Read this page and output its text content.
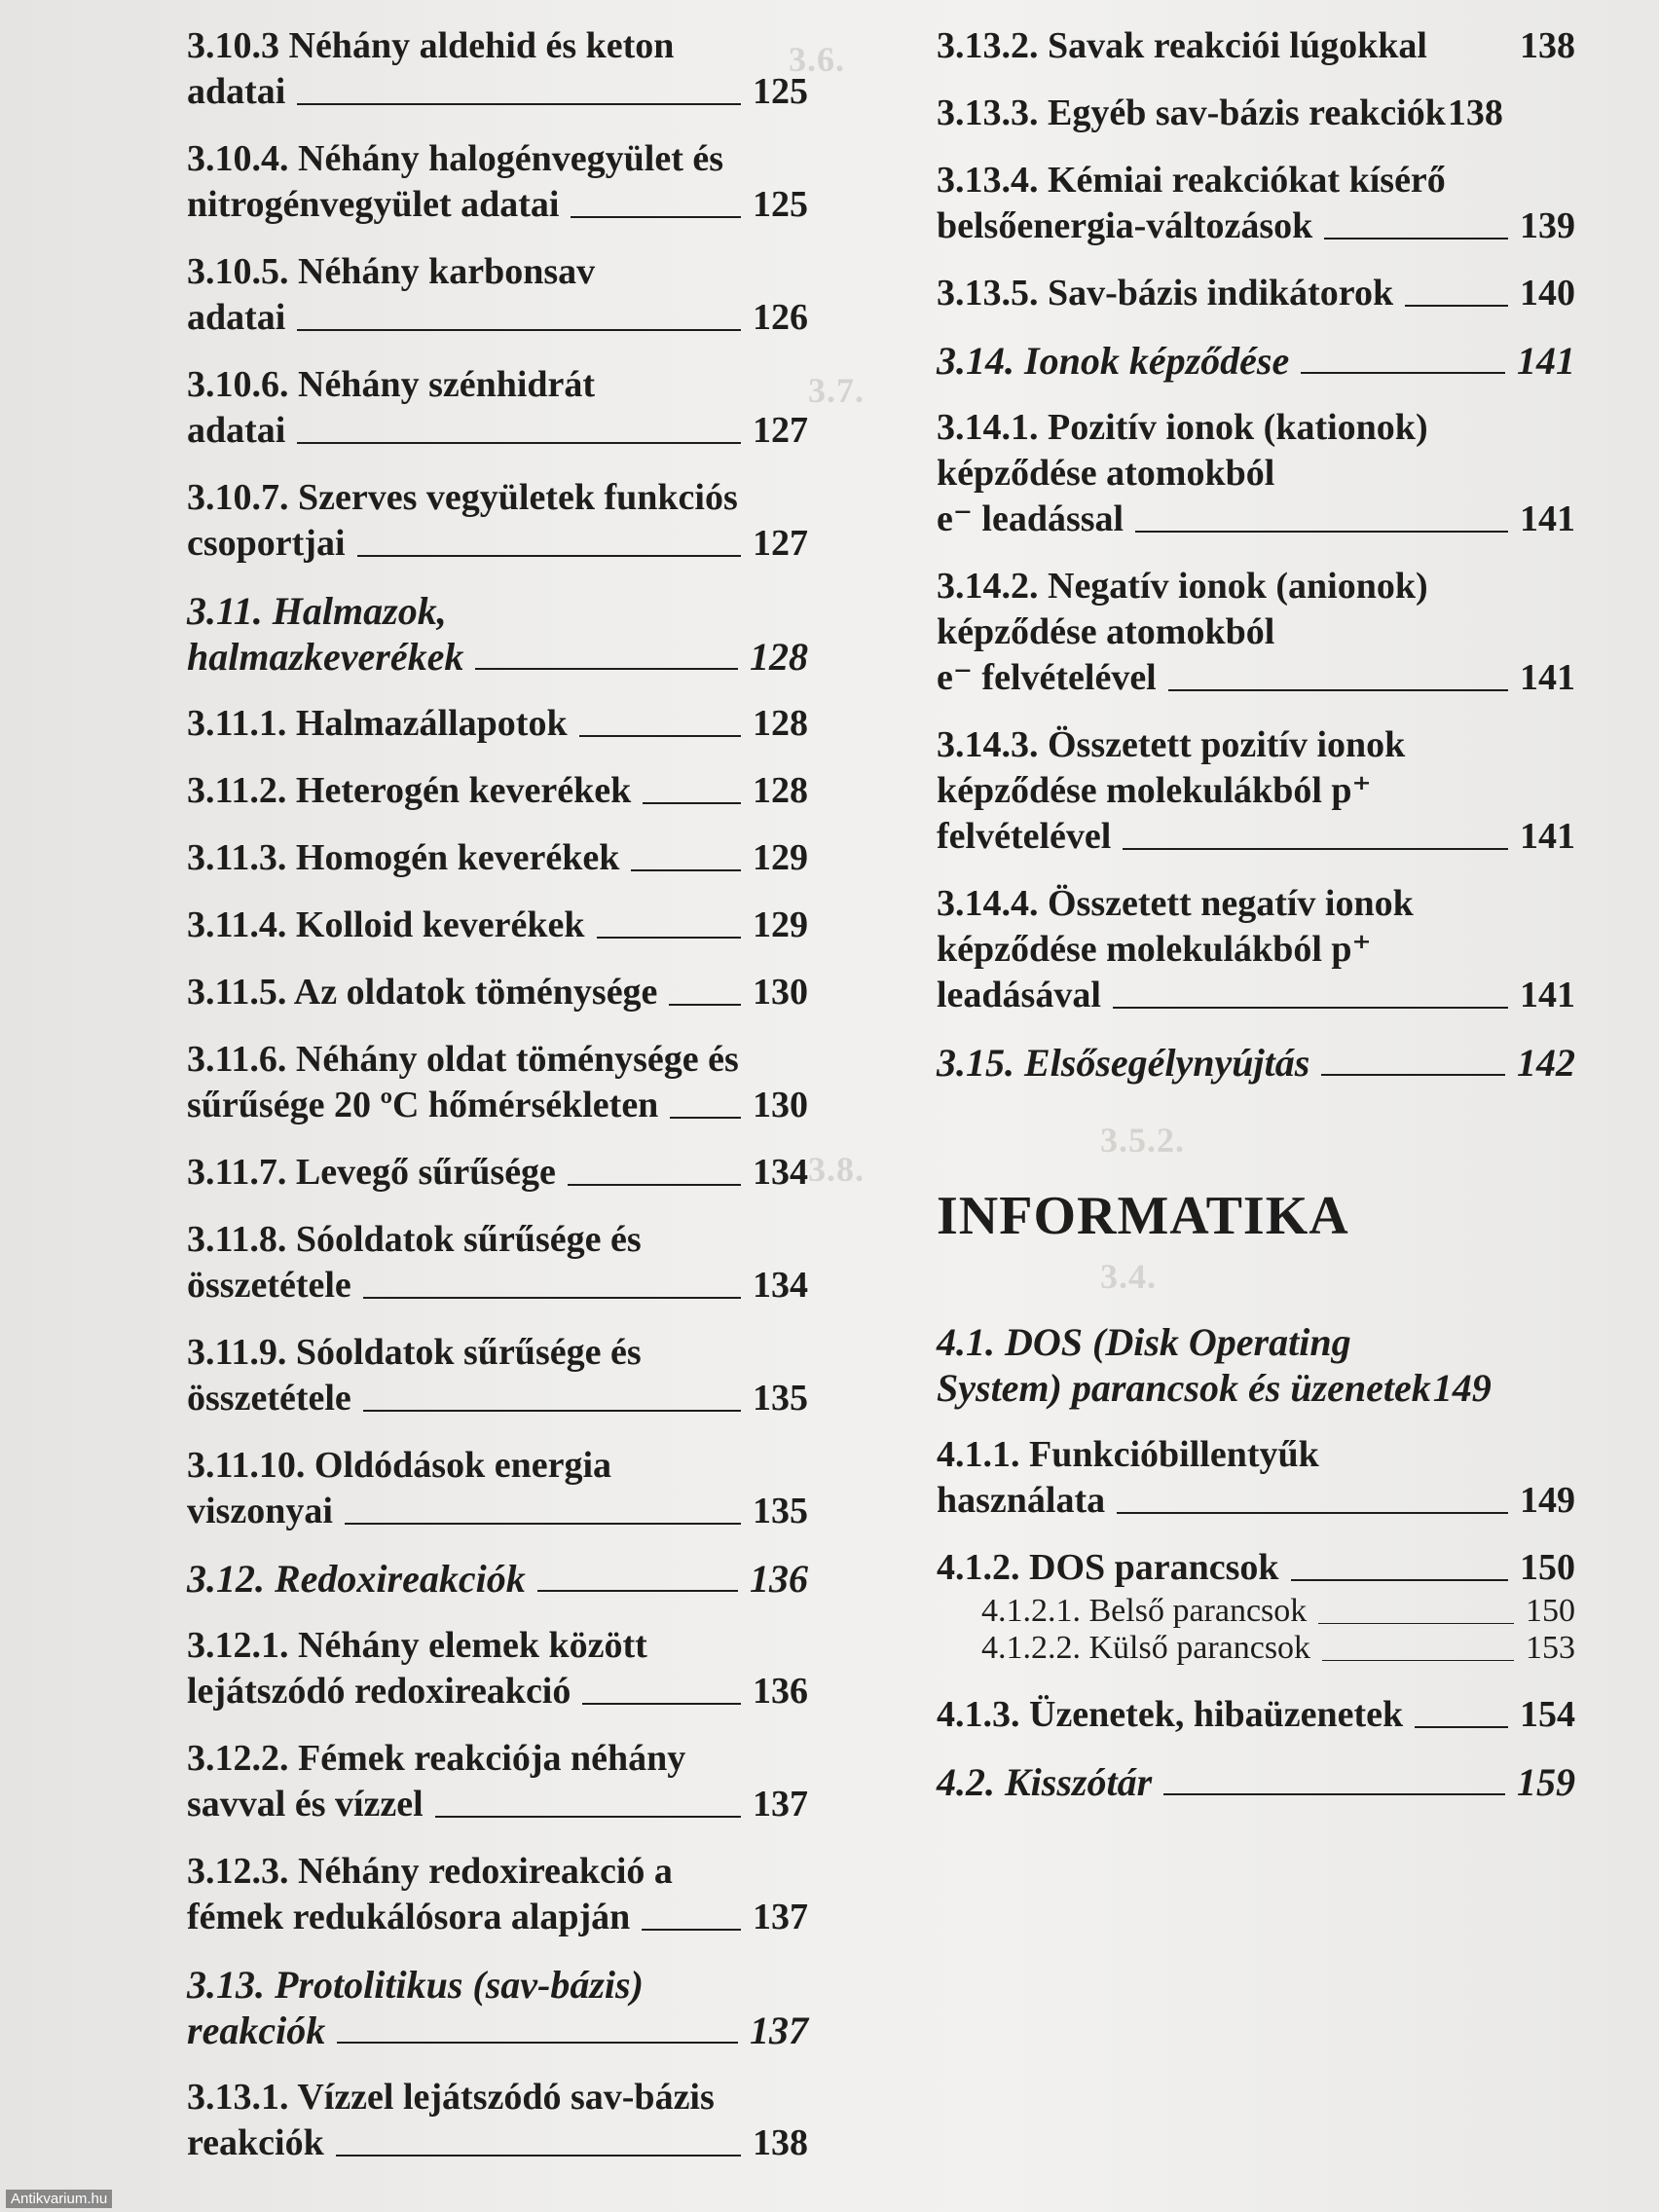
3.6.
3.7.
3.8.
3.5.2.
3.4.
3.10.3 Néhány aldehid és keton
adatai	125
3.10.4. Néhány halogénvegyület és
nitrogénvegyület adatai	125
3.10.5. Néhány karbonsav
adatai	126
3.10.6. Néhány szénhidrát
adatai	127
3.10.7. Szerves vegyületek funkciós
csoportjai	127
3.11. Halmazok,
halmazkeverékek	128
3.11.1. Halmazállapotok	128
3.11.2. Heterogén keverékek	128
3.11.3. Homogén keverékek	129
3.11.4. Kolloid keverékek	129
3.11.5. Az oldatok töménysége	130
3.11.6. Néhány oldat töménysége és
sűrűsége 20 ºC hőmérsékleten	130
3.11.7. Levegő sűrűsége	134
3.11.8. Sóoldatok sűrűsége és
összetétele	134
3.11.9. Sóoldatok sűrűsége és
összetétele	135
3.11.10. Oldódások energia
viszonyai	135
3.12. Redoxireakciók	136
3.12.1. Néhány elemek között
lejátszódó redoxireakció	136
3.12.2. Fémek reakciója néhány
savval és vízzel	137
3.12.3. Néhány redoxireakció a
fémek redukálósora alapján	137
3.13. Protolitikus (sav-bázis)
reakciók	137
3.13.1. Vízzel lejátszódó sav-bázis
reakciók	138
3.13.2. Savak reakciói lúgokkal	138
3.13.3. Egyéb sav-bázis reakciók 138
3.13.4. Kémiai reakciókat kísérő
belsőenergia-változások	139
3.13.5. Sav-bázis indikátorok	140
3.14. Ionok képződése	141
3.14.1. Pozitív ionok (kationok)
képződése atomokból
e⁻ leadással	141
3.14.2. Negatív ionok (anionok)
képződése atomokból
e⁻ felvételével	141
3.14.3. Összetett pozitív ionok
képződése molekulákból p⁺
felvételével	141
3.14.4. Összetett negatív ionok
képződése molekulákból p⁺
leadásával	141
3.15. Elsősegélynyújtás	142
INFORMATIKA
4.1. DOS (Disk Operating
System) parancsok és üzenetek 149
4.1.1. Funkcióbillentyűk
használata	149
4.1.2. DOS parancsok	150
4.1.2.1. Belső parancsok	150
4.1.2.2. Külső parancsok	153
4.1.3. Üzenetek, hibaüzenetek	154
4.2. Kisszótár	159
Antikvarium.hu
